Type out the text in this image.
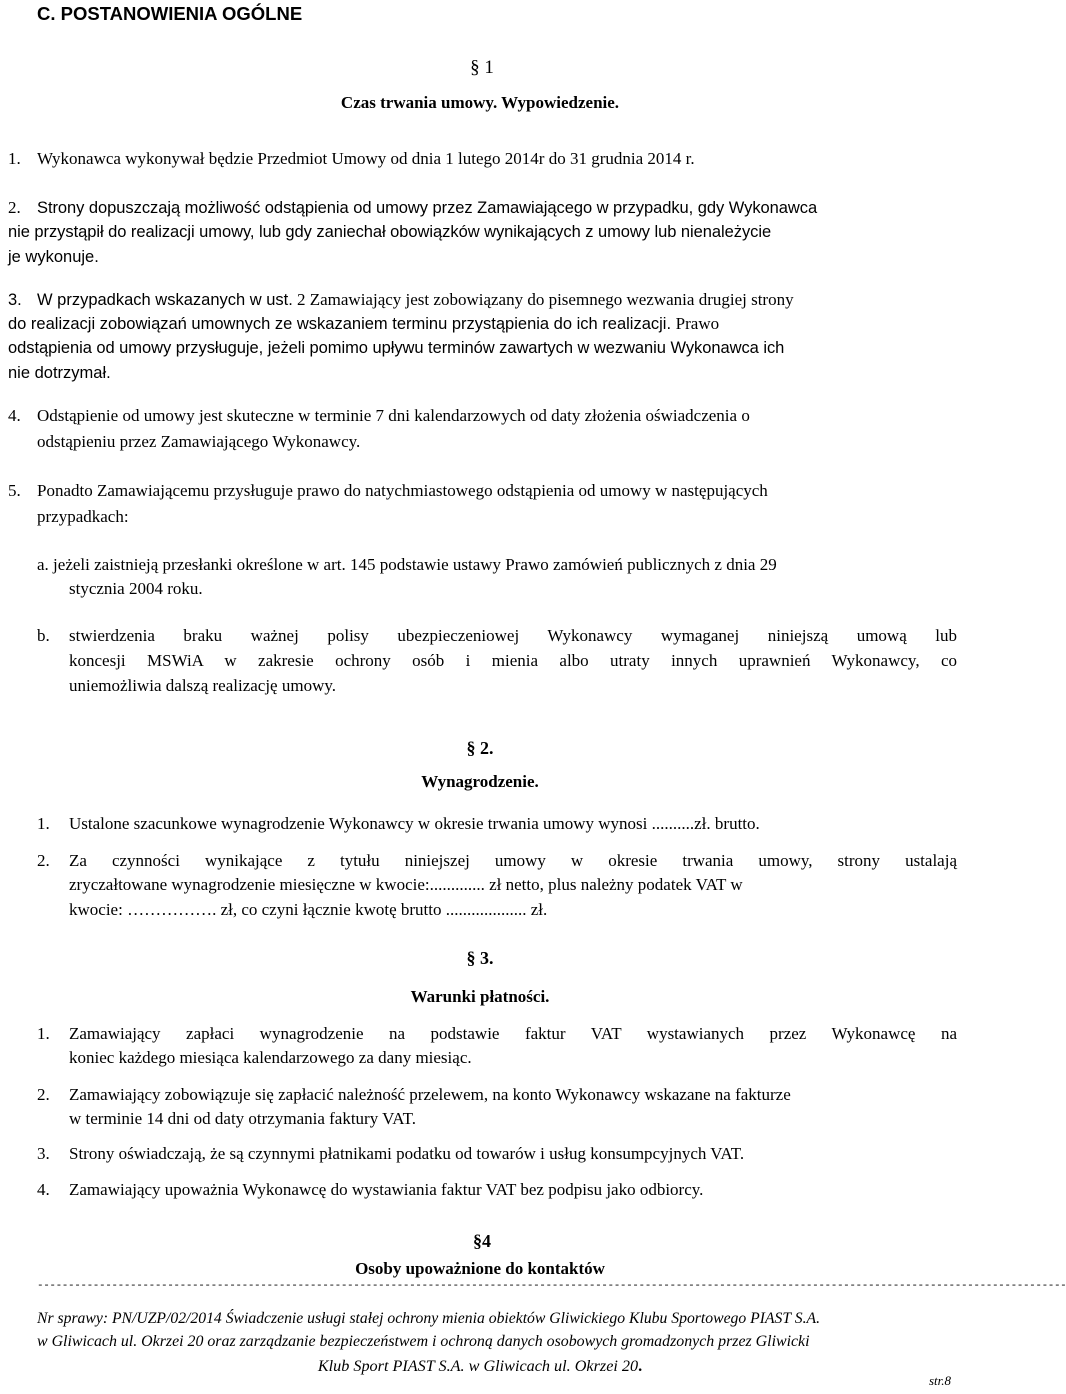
C. POSTANOWIENIA OGÓLNE
§ 1
Czas trwania umowy. Wypowiedzenie.
1. Wykonawca wykonywał będzie Przedmiot Umowy od dnia 1 lutego 2014r do 31 grudnia 2014 r.
2. Strony dopuszczają możliwość odstąpienia od umowy przez Zamawiającego w przypadku, gdy Wykonawca
nie przystąpił do realizacji umowy, lub gdy zaniechał obowiązków wynikających z umowy lub nienależycie
je wykonuje.
3. W przypadkach wskazanych w ust. 2 Zamawiający jest zobowiązany do pisemnego wezwania drugiej strony
do realizacji zobowiązań umownych ze wskazaniem terminu przystąpienia do ich realizacji. Prawo
odstąpienia od umowy przysługuje, jeżeli pomimo upływu terminów zawartych w wezwaniu Wykonawca ich
nie dotrzymał.
4. Odstąpienie od umowy jest skuteczne w terminie 7 dni kalendarzowych od daty złożenia oświadczenia o
odstąpieniu przez Zamawiającego Wykonawcy.
5. Ponadto Zamawiającemu przysługuje prawo do natychmiastowego odstąpienia od umowy w następujących
przypadkach:
a. jeżeli zaistnieją przesłanki określone w art. 145 podstawie ustawy Prawo zamówień publicznych z dnia 29
stycznia 2004 roku.
b. stwierdzenia braku ważnej polisy ubezpieczeniowej Wykonawcy wymaganej niniejszą umową lub
koncesji MSWiA w zakresie ochrony osób i mienia albo utraty innych uprawnień Wykonawcy, co
uniemożliwia dalszą realizację umowy.
§ 2.
Wynagrodzenie.
1. Ustalone szacunkowe wynagrodzenie Wykonawcy w okresie trwania umowy wynosi ..........zł. brutto.
2. Za czynności wynikające z tytułu niniejszej umowy w okresie trwania umowy, strony ustalają
zryczałtowane wynagrodzenie miesięczne w kwocie:............. zł netto, plus należny podatek VAT w
kwocie: ……………. zł, co czyni łącznie kwotę brutto ................... zł.
§ 3.
Warunki płatności.
1. Zamawiający zapłaci wynagrodzenie na podstawie faktur VAT wystawianych przez Wykonawcę na
koniec każdego miesiąca kalendarzowego za dany miesiąc.
2. Zamawiający zobowiązuje się zapłacić należność przelewem, na konto Wykonawcy wskazane na fakturze
w terminie 14 dni od daty otrzymania faktury VAT.
3. Strony oświadczają, że są czynnymi płatnikami podatku od towarów i usług konsumpcyjnych VAT.
4. Zamawiający upoważnia Wykonawcę do wystawiania faktur VAT bez podpisu jako odbiorcy.
§4
Osoby upoważnione do kontaktów
----------------------------------------------------------------------------------------------------------------------------------------------------------------------
Nr sprawy: PN/UZP/02/2014 Świadczenie usługi stałej ochrony mienia obiektów Gliwickiego Klubu Sportowego PIAST S.A.
w Gliwicach ul. Okrzei 20 oraz zarządzanie bezpieczeństwem i ochroną danych osobowych gromadzonych przez Gliwicki
Klub Sport PIAST S.A. w Gliwicach ul. Okrzei 20.
str.8
